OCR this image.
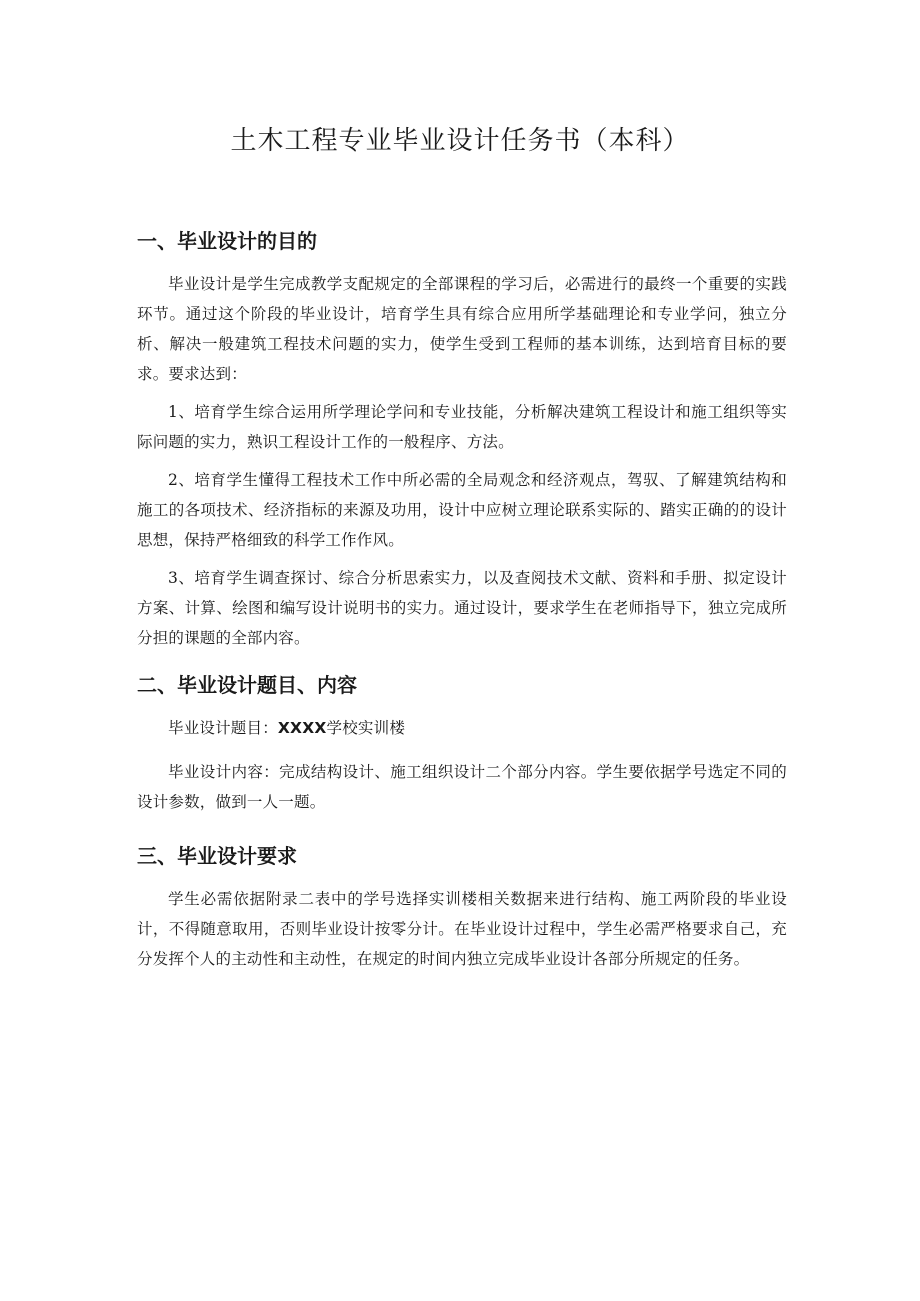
土木工程专业毕业设计任务书（本科）
一、毕业设计的目的

毕业设计是学生完成教学支配规定的全部课程的学习后，必需进行的最终一个重要的实践环节。通过这个阶段的毕业设计，培育学生具有综合应用所学基础理论和专业学问，独立分析、解决一般建筑工程技术问题的实力，使学生受到工程师的基本训练，达到培育目标的要求。要求达到：

1、培育学生综合运用所学理论学问和专业技能，分析解决建筑工程设计和施工组织等实际问题的实力，熟识工程设计工作的一般程序、方法。

2、培育学生懂得工程技术工作中所必需的全局观念和经济观点，驾驭、了解建筑结构和施工的各项技术、经济指标的来源及功用，设计中应树立理论联系实际的、踏实正确的的设计思想，保持严格细致的科学工作作风。

3、培育学生调查探讨、综合分析思索实力，以及查阅技术文献、资料和手册、拟定设计方案、计算、绘图和编写设计说明书的实力。通过设计，要求学生在老师指导下，独立完成所分担的课题的全部内容。

二、毕业设计题目、内容

毕业设计题目：XXXX学校实训楼

毕业设计内容：完成结构设计、施工组织设计二个部分内容。学生要依据学号选定不同的设计参数，做到一人一题。

三、毕业设计要求

学生必需依据附录二表中的学号选择实训楼相关数据来进行结构、施工两阶段的毕业设计，不得随意取用，否则毕业设计按零分计。在毕业设计过程中，学生必需严格要求自己，充分发挥个人的主动性和主动性，在规定的时间内独立完成毕业设计各部分所规定的任务。
